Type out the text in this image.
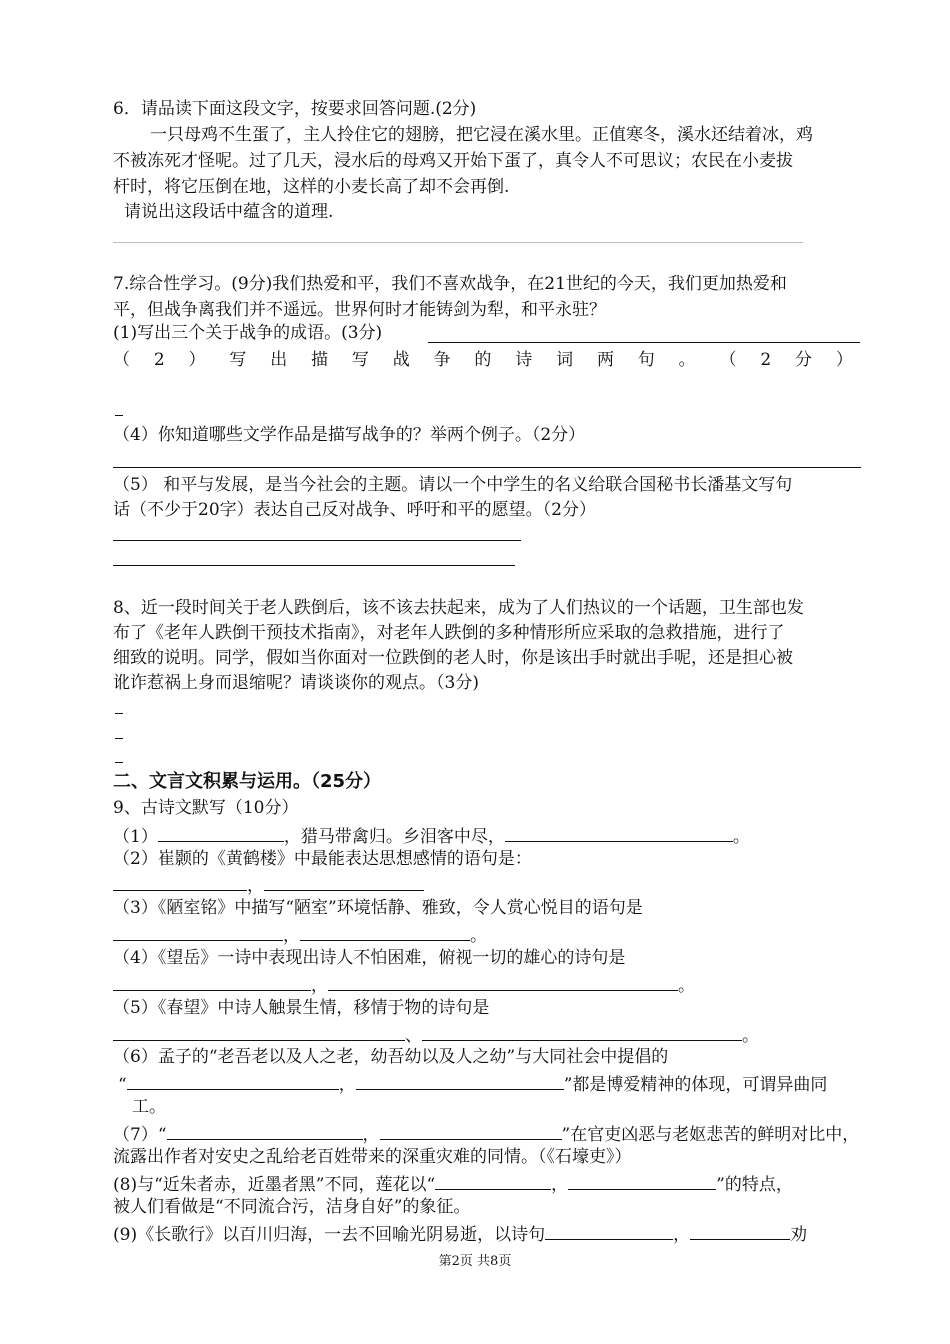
6．请品读下面这段文字，按要求回答问题.(2分)
一只母鸡不生蛋了，主人拎住它的翅膀，把它浸在溪水里。正值寒冬，溪水还结着冰，鸡
不被冻死才怪呢。过了几天，浸水后的母鸡又开始下蛋了，真令人不可思议；农民在小麦拔
杆时，将它压倒在地，这样的小麦长高了却不会再倒.
请说出这段话中蕴含的道理.
7.综合性学习。(9分)我们热爱和平，我们不喜欢战争，在21世纪的今天，我们更加热爱和
平，但战争离我们并不遥远。世界何时才能铸剑为犁，和平永驻？
(1)写出三个关于战争的成语。(3分)
（ 2 ） 写 出 描 写 战 争 的 诗 词 两 句 。 （ 2 分 ）
（4）你知道哪些文学作品是描写战争的？举两个例子。（2分）
（5） 和平与发展，是当今社会的主题。请以一个中学生的名义给联合国秘书长潘基文写句
话（不少于20字）表达自己反对战争、呼吁和平的愿望。（2分）
8、近一段时间关于老人跌倒后，该不该去扶起来，成为了人们热议的一个话题，卫生部也发
布了《老年人跌倒干预技术指南》，对老年人跌倒的多种情形所应采取的急救措施，进行了
细致的说明。同学，假如当你面对一位跌倒的老人时，你是该出手时就出手呢，还是担心被
讹诈惹祸上身而退缩呢？请谈谈你的观点。（3分)
二、文言文积累与运用。（25分）
9、古诗文默写（10分）
（1）	，猎马带禽归。乡泪客中尽，	。
（2）崔颢的《黄鹤楼》中最能表达思想感情的语句是：
，
（3）《陋室铭》中描写“陋室”环境恬静、雅致，令人赏心悦目的语句是
，	。
（4）《望岳》一诗中表现出诗人不怕困难，俯视一切的雄心的诗句是
，	。
（5）《春望》中诗人触景生情，移情于物的诗句是
、	。
（6）孟子的“老吾老以及人之老，幼吾幼以及人之幼”与大同社会中提倡的
“	，	”都是博爱精神的体现，可谓异曲同
工。
（7）“	，	”在官吏凶恶与老妪悲苦的鲜明对比中，
流露出作者对安史之乱给老百姓带来的深重灾难的同情。（《石壕吏》）
(8)与“近朱者赤，近墨者黑”不同，莲花以“	，	”的特点，
被人们看做是“不同流合污，洁身自好”的象征。
(9)《长歌行》以百川归海，一去不回喻光阴易逝，以诗句	，	劝
第2页 共8页
